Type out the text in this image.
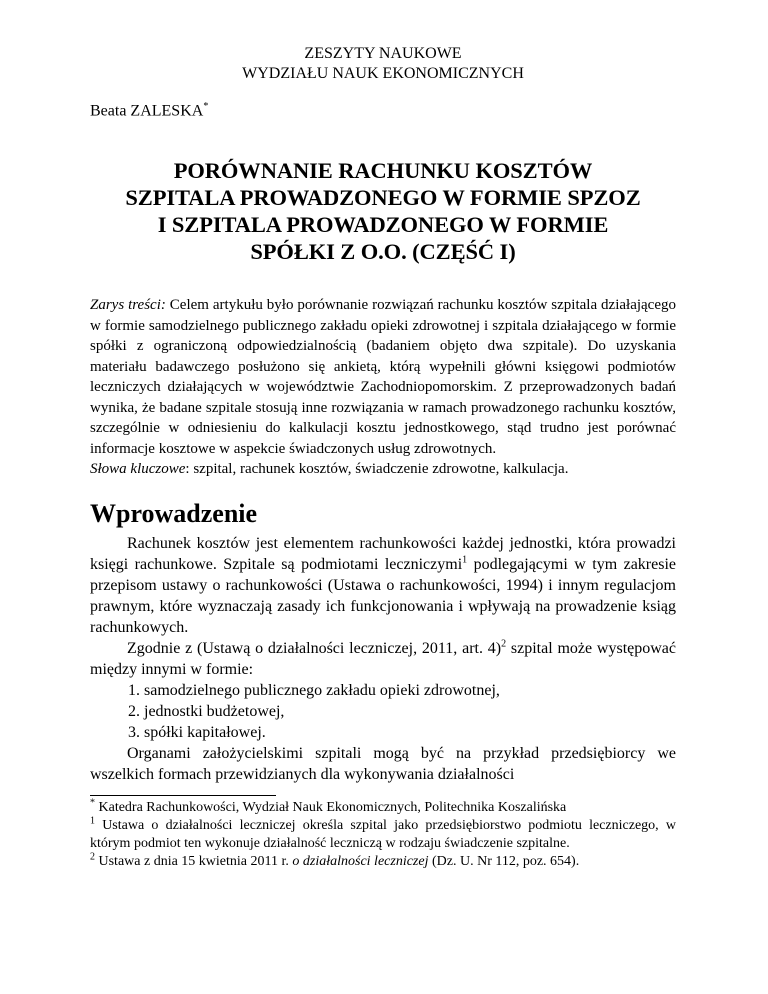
ZESZYTY NAUKOWE
WYDZIAŁU NAUK EKONOMICZNYCH
Beata ZALESKA*
PORÓWNANIE RACHUNKU KOSZTÓW
SZPITALA PROWADZONEGO W FORMIE SPZOZ
I SZPITALA PROWADZONEGO W FORMIE
SPÓŁKI Z O.O. (CZĘŚĆ I)
Zarys treści: Celem artykułu było porównanie rozwiązań rachunku kosztów szpitala działającego w formie samodzielnego publicznego zakładu opieki zdrowotnej i szpitala działającego w formie spółki z ograniczoną odpowiedzialnością (badaniem objęto dwa szpitale). Do uzyskania materiału badawczego posłużono się ankietą, którą wypełnili główni księgowi podmiotów leczniczych działających w województwie Zachodniopomorskim. Z przeprowadzonych badań wynika, że badane szpitale stosują inne rozwiązania w ramach prowadzonego rachunku kosztów, szczególnie w odniesieniu do kalkulacji kosztu jednostkowego, stąd trudno jest porównać informacje kosztowe w aspekcie świadczonych usług zdrowotnych.
Słowa kluczowe: szpital, rachunek kosztów, świadczenie zdrowotne, kalkulacja.
Wprowadzenie

Rachunek kosztów jest elementem rachunkowości każdej jednostki, która prowadzi księgi rachunkowe. Szpitale są podmiotami leczniczymi$^1$ podlegającymi w tym zakresie przepisom ustawy o rachunkowości (Ustawa o rachunkowości, 1994) i innym regulacjom prawnym, które wyznaczają zasady ich funkcjonowania i wpływają na prowadzenie ksiąg rachunkowych.

Zgodnie z (Ustawą o działalności leczniczej, 2011, art. 4)$^2$ szpital może występować między innymi w formie:

1. samodzielnego publicznego zakładu opieki zdrowotnej,
2. jednostki budżetowej,
3. spółki kapitałowej.

Organami założycielskimi szpitali mogą być na przykład przedsiębiorcy we wszelkich formach przewidzianych dla wykonywania działalności

* Katedra Rachunkowości, Wydział Nauk Ekonomicznych, Politechnika Koszalińska

$^1$ Ustawa o działalności leczniczej określa szpital jako przedsiębiorstwo podmiotu leczniczego, w którym podmiot ten wykonuje działalność leczniczą w rodzaju świadczenie szpitalne.

$^2$ Ustawa z dnia 15 kwietnia 2011 r. o działalności leczniczej (Dz. U. Nr 112, poz. 654).
